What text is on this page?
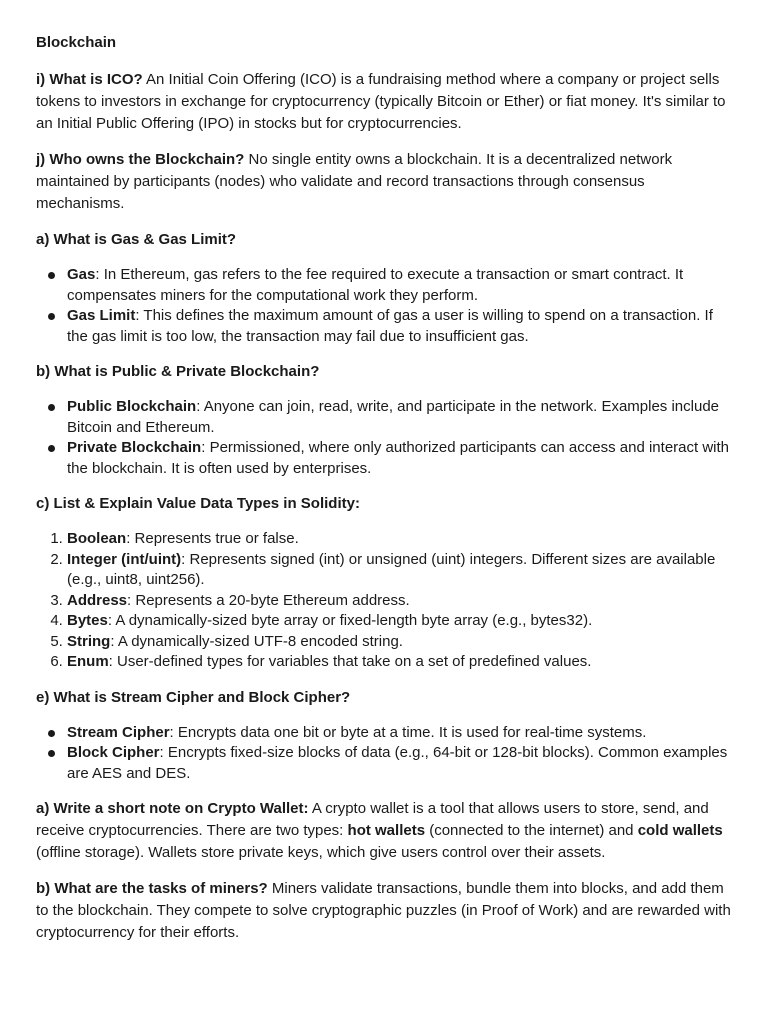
Blockchain

i) What is ICO? An Initial Coin Offering (ICO) is a fundraising method where a company or project sells tokens to investors in exchange for cryptocurrency (typically Bitcoin or Ether) or fiat money. It's similar to an Initial Public Offering (IPO) in stocks but for cryptocurrencies.

j) Who owns the Blockchain? No single entity owns a blockchain. It is a decentralized network maintained by participants (nodes) who validate and record transactions through consensus mechanisms.

a) What is Gas & Gas Limit?
Gas: In Ethereum, gas refers to the fee required to execute a transaction or smart contract. It compensates miners for the computational work they perform.
Gas Limit: This defines the maximum amount of gas a user is willing to spend on a transaction. If the gas limit is too low, the transaction may fail due to insufficient gas.
b) What is Public & Private Blockchain?
Public Blockchain: Anyone can join, read, write, and participate in the network. Examples include Bitcoin and Ethereum.
Private Blockchain: Permissioned, where only authorized participants can access and interact with the blockchain. It is often used by enterprises.
c) List & Explain Value Data Types in Solidity:
1. Boolean: Represents true or false.
2. Integer (int/uint): Represents signed (int) or unsigned (uint) integers. Different sizes are available (e.g., uint8, uint256).
3. Address: Represents a 20-byte Ethereum address.
4. Bytes: A dynamically-sized byte array or fixed-length byte array (e.g., bytes32).
5. String: A dynamically-sized UTF-8 encoded string.
6. Enum: User-defined types for variables that take on a set of predefined values.
e) What is Stream Cipher and Block Cipher?
Stream Cipher: Encrypts data one bit or byte at a time. It is used for real-time systems.
Block Cipher: Encrypts fixed-size blocks of data (e.g., 64-bit or 128-bit blocks). Common examples are AES and DES.

a) Write a short note on Crypto Wallet: A crypto wallet is a tool that allows users to store, send, and receive cryptocurrencies. There are two types: hot wallets (connected to the internet) and cold wallets (offline storage). Wallets store private keys, which give users control over their assets.

b) What are the tasks of miners? Miners validate transactions, bundle them into blocks, and add them to the blockchain. They compete to solve cryptographic puzzles (in Proof of Work) and are rewarded with cryptocurrency for their efforts.
